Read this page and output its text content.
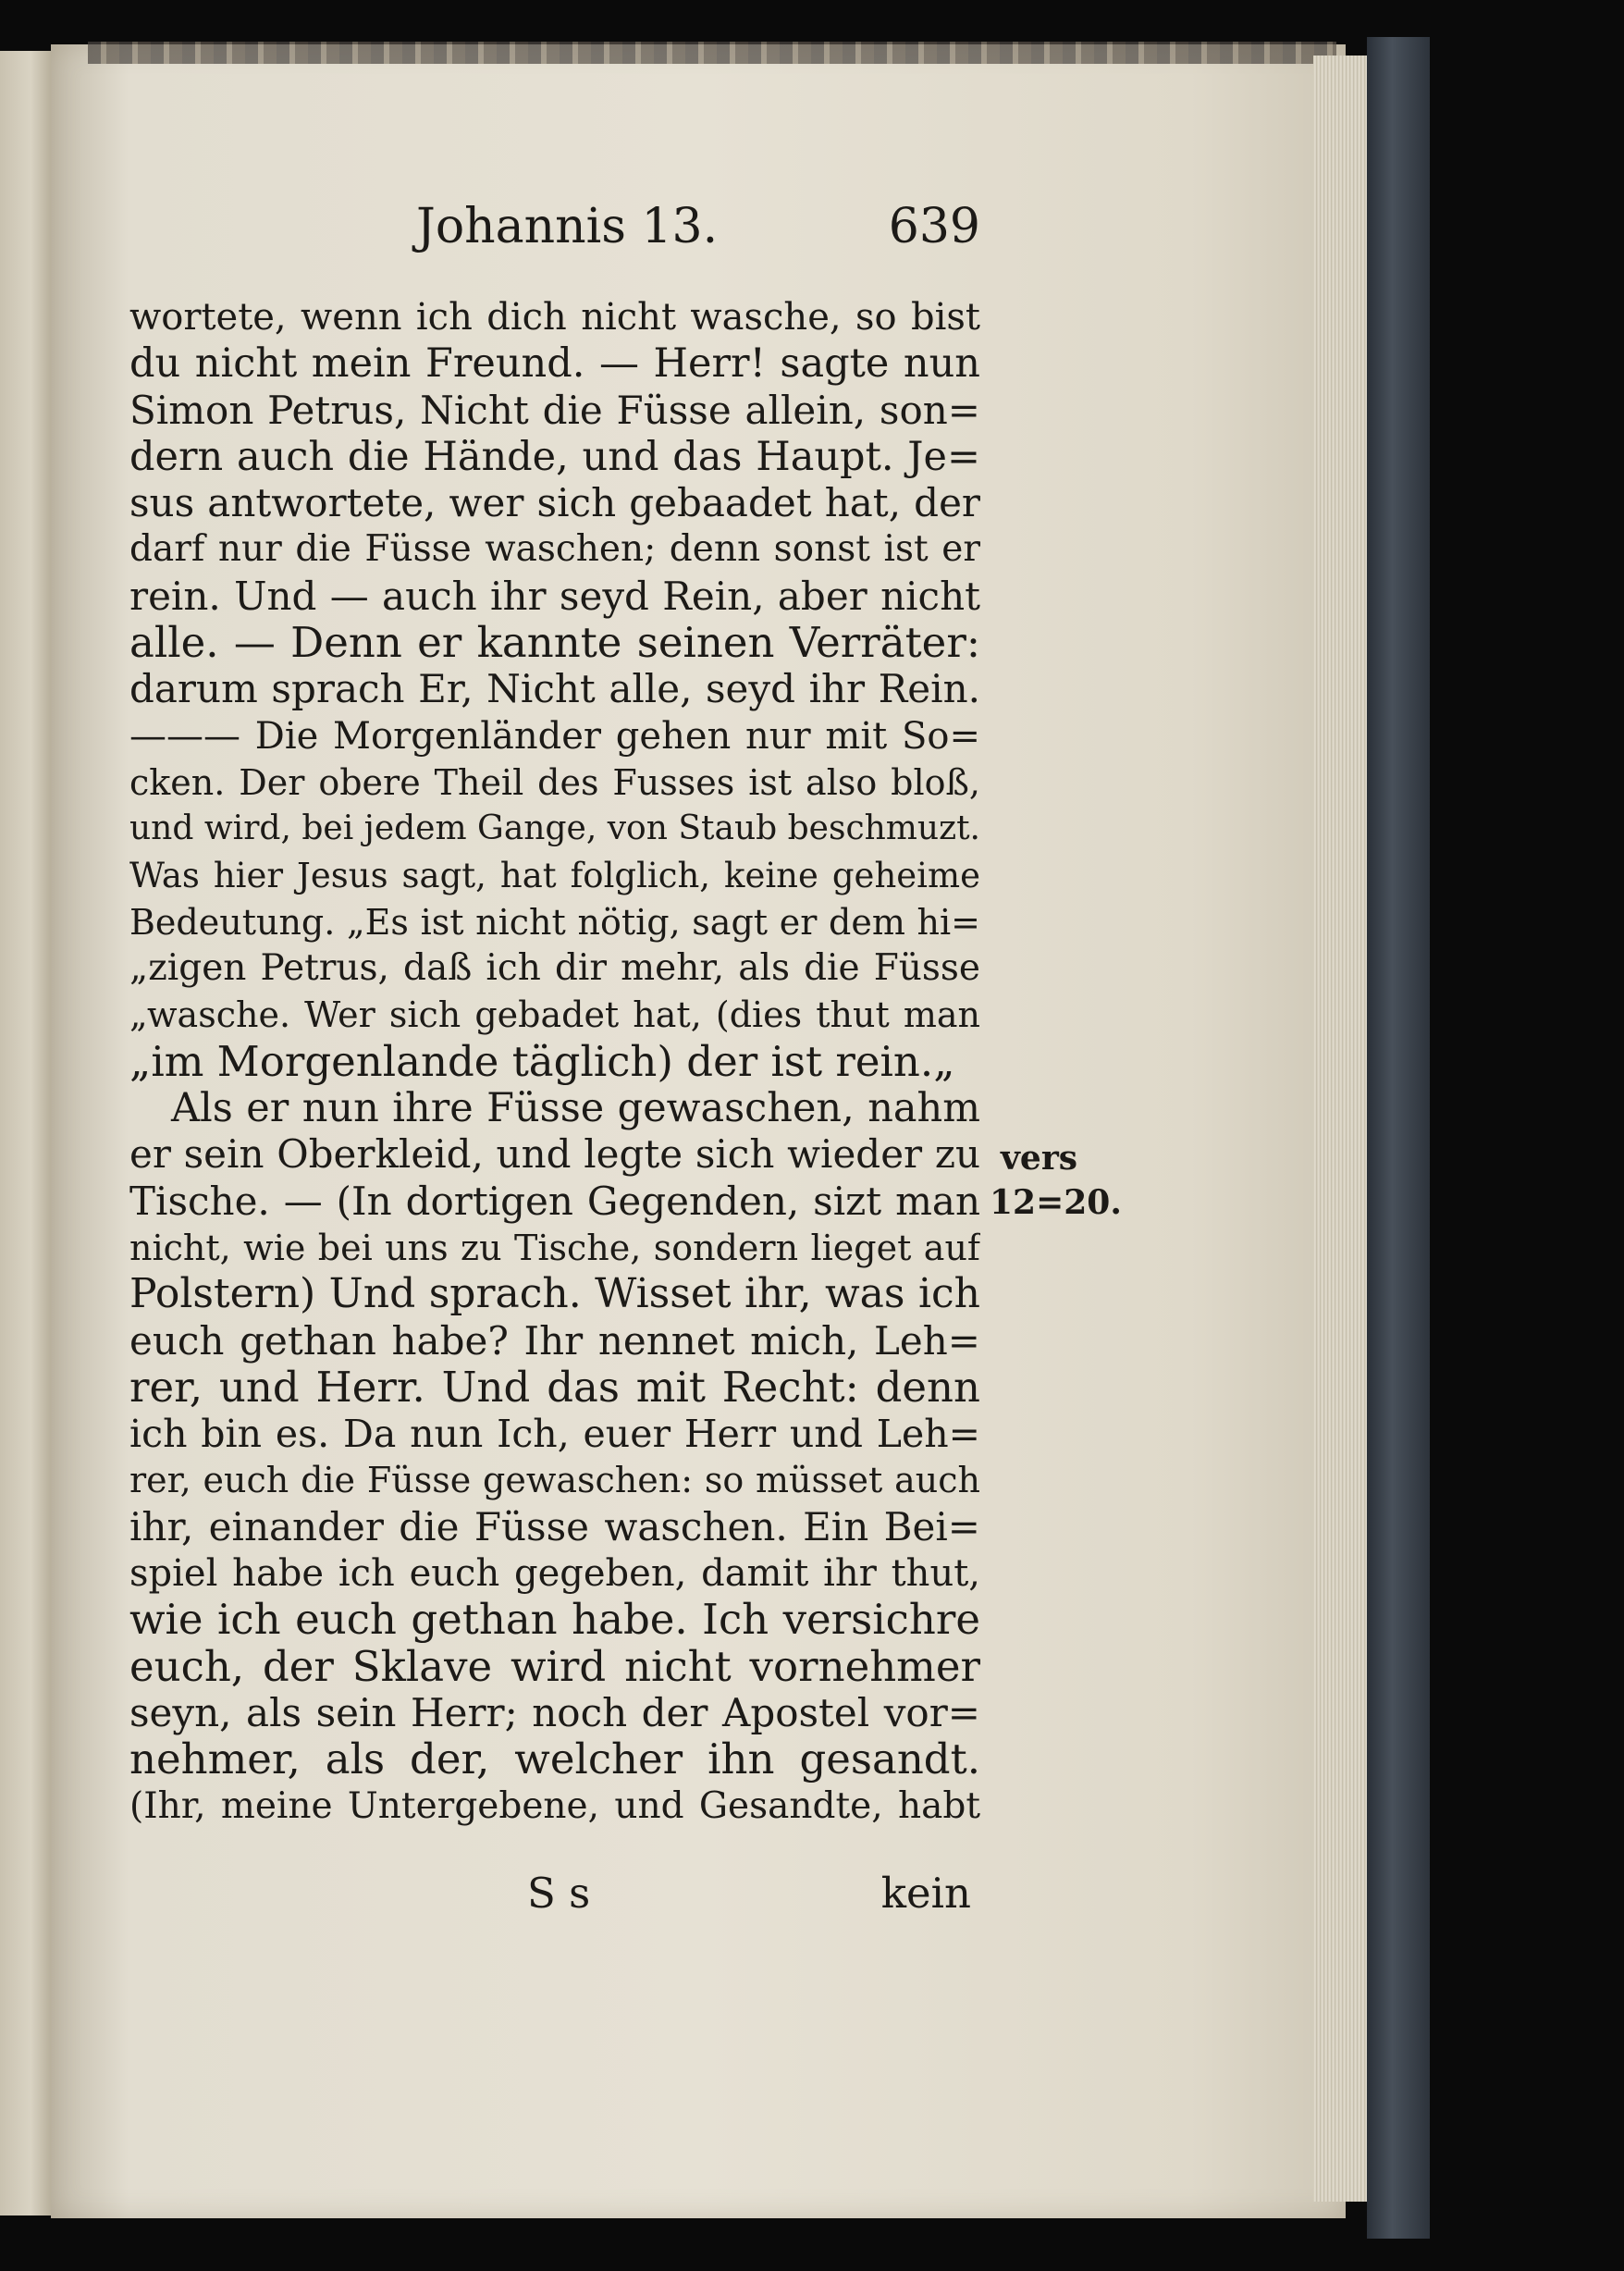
Johannis 13.	639
wortete, wenn ich dich nicht wasche, so bist
du nicht mein Freund. — Herr! sagte nun
Simon Petrus, Nicht die Füsse allein, son=
dern auch die Hände, und das Haupt. Je=
sus antwortete, wer sich gebaadet hat, der
darf nur die Füsse waschen; denn sonst ist er
rein. Und — auch ihr seyd Rein, aber nicht
alle. — Denn er kannte seinen Verräter:
darum sprach Er, Nicht alle, seyd ihr Rein.
——— Die Morgenländer gehen nur mit So=
cken. Der obere Theil des Fusses ist also bloß,
und wird, bei jedem Gange, von Staub beschmuzt.
Was hier Jesus sagt, hat folglich, keine geheime
Bedeutung. „Es ist nicht nötig, sagt er dem hi=
„zigen Petrus, daß ich dir mehr, als die Füsse
„wasche. Wer sich gebadet hat, (dies thut man
„im Morgenlande täglich) der ist rein.„
Als er nun ihre Füsse gewaschen, nahm
er sein Oberkleid, und legte sich wieder zu
Tische. — (In dortigen Gegenden, sizt man
nicht, wie bei uns zu Tische, sondern lieget auf
Polstern) Und sprach. Wisset ihr, was ich
euch gethan habe? Ihr nennet mich, Leh=
rer, und Herr. Und das mit Recht: denn
ich bin es. Da nun Ich, euer Herr und Leh=
rer, euch die Füsse gewaschen: so müsset auch
ihr, einander die Füsse waschen. Ein Bei=
spiel habe ich euch gegeben, damit ihr thut,
wie ich euch gethan habe. Ich versichre
euch, der Sklave wird nicht vornehmer
seyn, als sein Herr; noch der Apostel vor=
nehmer, als der, welcher ihn gesandt.
(Ihr, meine Untergebene, und Gesandte, habt
vers
12=20.
S s	kein
